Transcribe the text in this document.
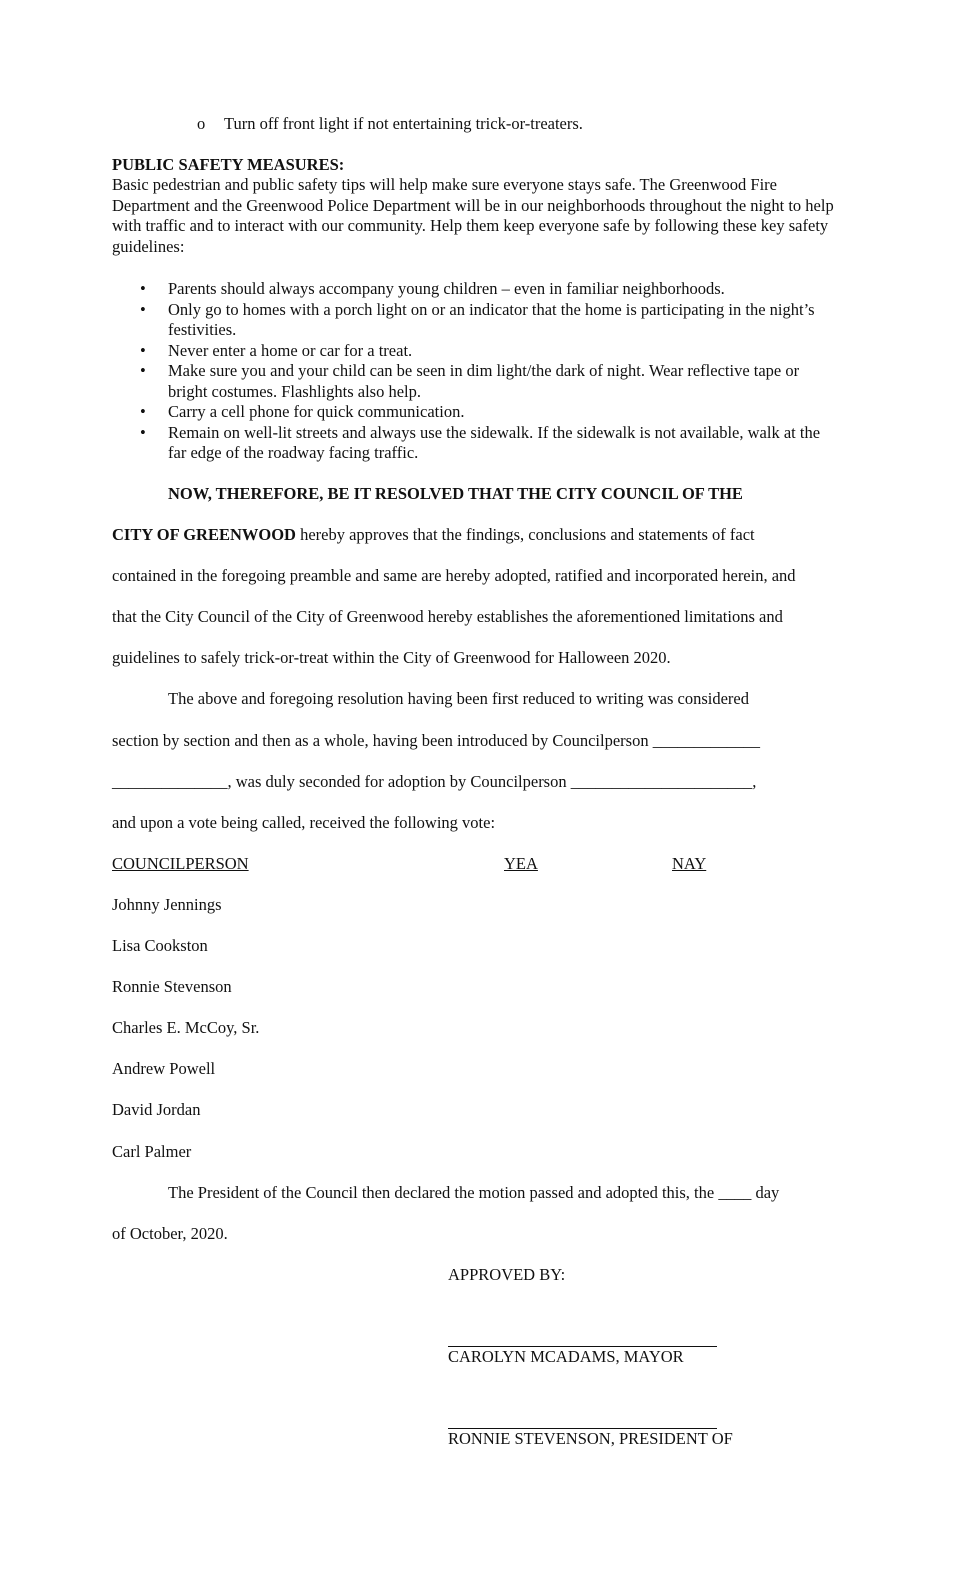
o Turn off front light if not entertaining trick-or-treaters.
PUBLIC SAFETY MEASURES:
Basic pedestrian and public safety tips will help make sure everyone stays safe. The Greenwood Fire Department and the Greenwood Police Department will be in our neighborhoods throughout the night to help with traffic and to interact with our community. Help them keep everyone safe by following these key safety guidelines:
• Parents should always accompany young children – even in familiar neighborhoods.
• Only go to homes with a porch light on or an indicator that the home is participating in the night’s festivities.
• Never enter a home or car for a treat.
• Make sure you and your child can be seen in dim light/the dark of night. Wear reflective tape or bright costumes. Flashlights also help.
• Carry a cell phone for quick communication.
• Remain on well-lit streets and always use the sidewalk. If the sidewalk is not available, walk at the far edge of the roadway facing traffic.
NOW, THEREFORE, BE IT RESOLVED THAT THE CITY COUNCIL OF THE
CITY OF GREENWOOD hereby approves that the findings, conclusions and statements of fact
contained in the foregoing preamble and same are hereby adopted, ratified and incorporated herein, and
that the City Council of the City of Greenwood hereby establishes the aforementioned limitations and
guidelines to safely trick-or-treat within the City of Greenwood for Halloween 2020.
The above and foregoing resolution having been first reduced to writing was considered
section by section and then as a whole, having been introduced by Councilperson _____________
______________, was duly seconded for adoption by Councilperson ______________________,
and upon a vote being called, received the following vote:
COUNCILPERSON	YEA	NAY
Johnny Jennings
Lisa Cookston
Ronnie Stevenson
Charles E. McCoy, Sr.
Andrew Powell
David Jordan
Carl Palmer
The President of the Council then declared the motion passed and adopted this, the ____ day
of October, 2020.
APPROVED BY:
CAROLYN MCADAMS, MAYOR
RONNIE STEVENSON, PRESIDENT OF
